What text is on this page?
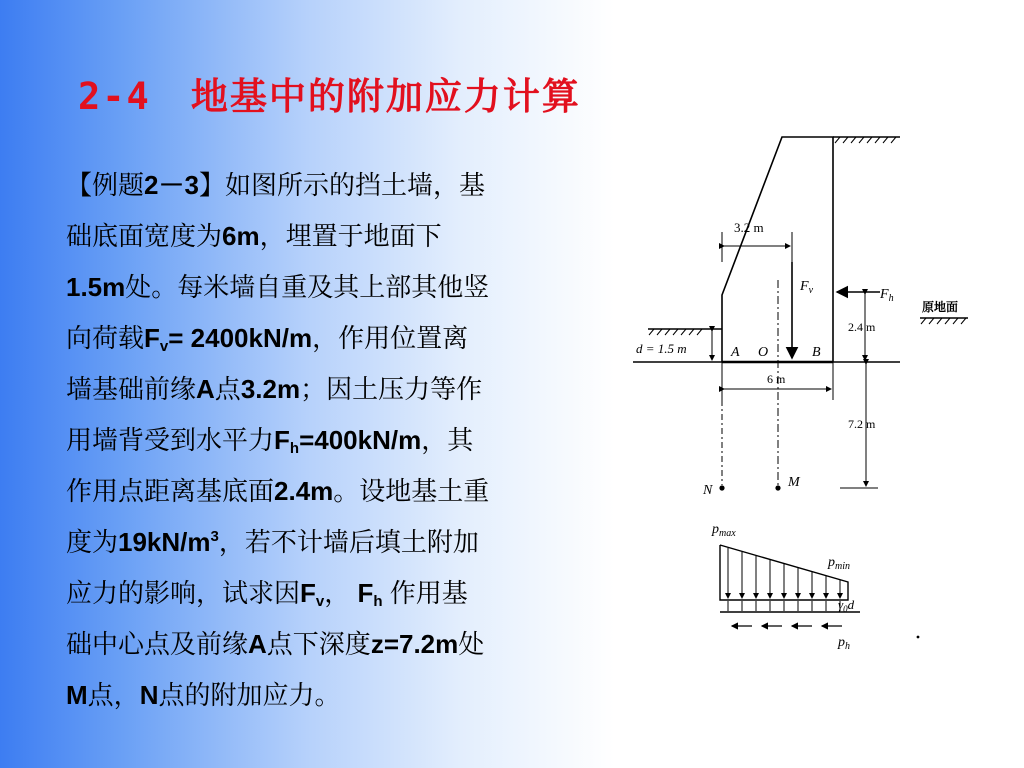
2-4 地基中的附加应力计算
【例题2－3】如图所示的挡土墙，基
础底面宽度为6m，埋置于地面下
1.5m处。每米墙自重及其上部其他竖
向荷载$F_v= 2400kN/m$，作用位置离
墙基础前缘A点3.2m；因土压力等作
用墙背受到水平力$F_h=400kN/m$，其
作用点距离基底面2.4m。设地基土重
度为$19kN/m^3$，若不计墙后填土附加
应力的影响，试求因$F_v$， $F_h$ 作用基
础中心点及前缘A点下深度z=7.2m处
M点，N点的附加应力。
3.2 m
$F_v$	$F_h$
原地面
2.4 m
d = 1.5 m	A O	B
6 m
7.2 m
N
M
$p_{max}$
$p_{min}$
$\gamma_0d$
$p_h$
